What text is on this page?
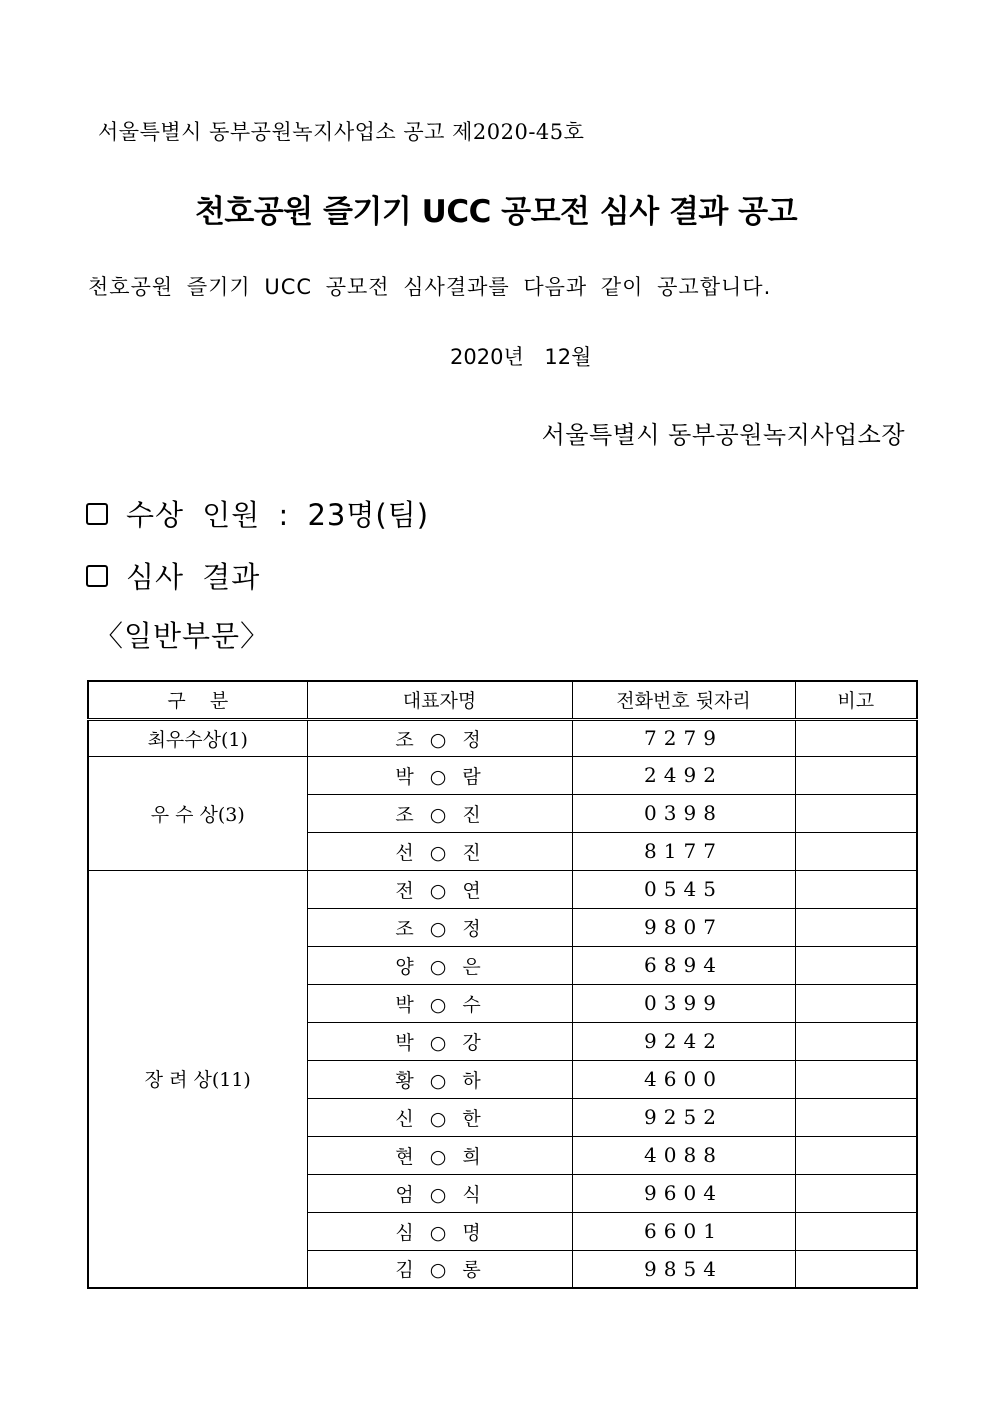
서울특별시 동부공원녹지사업소 공고 제2020-45호
천호공원 즐기기 UCC 공모전 심사 결과 공고
천호공원 즐기기 UCC 공모전 심사결과를 다음과 같이 공고합니다.
2020년 12월
서울특별시 동부공원녹지사업소장
수상 인원 : 23명(팀)
심사 결과
〈일반부문〉
구    분	대표자명	전화번호 뒷자리	비고
최우수상(1)	조 ○ 정	7279	
우 수 상(3)	박 ○ 람	2492	
	조 ○ 진	0398	
	선 ○ 진	8177	
장 려 상(11)	전 ○ 연	0545	
	조 ○ 정	9807	
	양 ○ 은	6894	
	박 ○ 수	0399	
	박 ○ 강	9242	
	황 ○ 하	4600	
	신 ○ 한	9252	
	현 ○ 희	4088	
	엄 ○ 식	9604	
	심 ○ 명	6601	
	김 ○ 롱	9854	
